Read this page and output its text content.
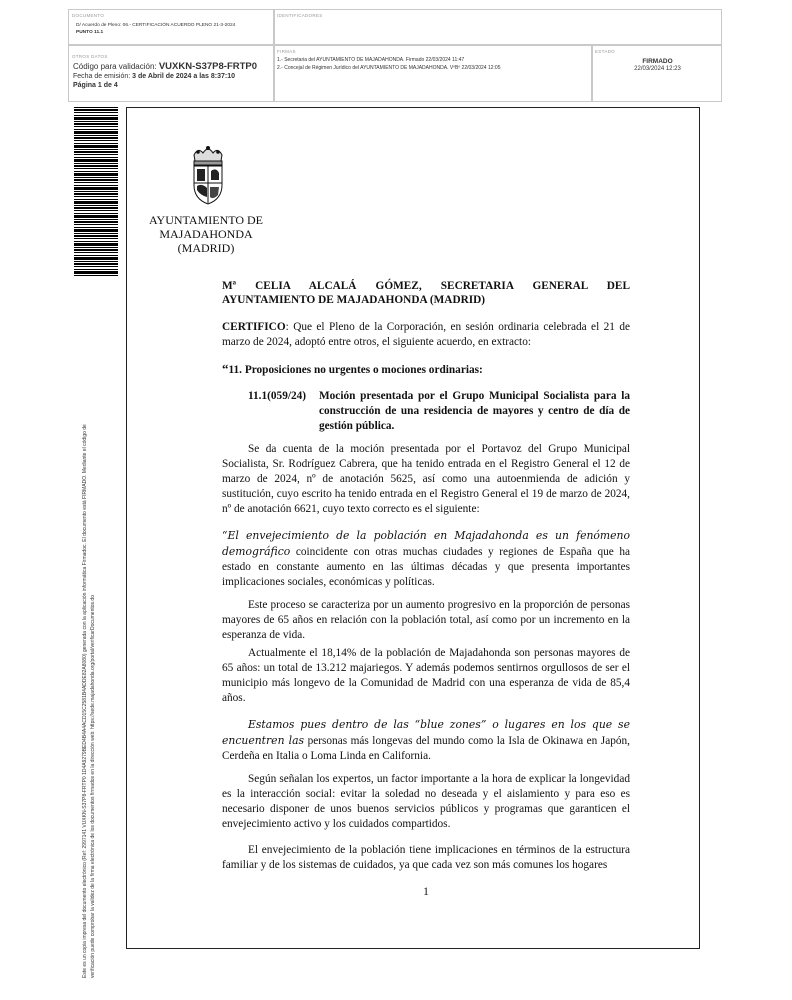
DOCUMENTO
D/ Acuerdo de Pleno: 06.- CERTIFICACIÓN ACUERDO PLENO 21-3-2024
PUNTO 11.1
IDENTIFICADORES
OTROS DATOS
Código para validación: VUXKN-S37P8-FRTP0
Fecha de emisión: 3 de Abril de 2024 a las 8:37:10
Página 1 de 4
FIRMAS
1.- Secretaria del AYUNTAMIENTO DE MAJADAHONDA. Firmado 22/03/2024 11:47
2.- Concejal de Régimen Jurídico del AYUNTAMIENTO DE MAJADAHONDA. VºBº 22/03/2024 12:05
ESTADO
FIRMADO
22/03/2024 12:23
Este es un copia impresa del documento electrónico (Ref: 2997141 VUXKN-S37P8-FRTP0 1D4A9279BED4B4A4ACD15C2581B4ADDE82A8080) generada con la aplicación informática Firmadoc. El documento está FIRMADO. Mediante el código de verificación puede comprobar la validez de la firma electrónica de los documentos firmados en la dirección web: https://sede.majadahonda.org/portal/verificarDocumentos.do
AYUNTAMIENTO DE
MAJADAHONDA
(MADRID)
Mª CELIA ALCALÁ GÓMEZ, SECRETARIA GENERAL DEL
AYUNTAMIENTO DE MAJADAHONDA (MADRID)
CERTIFICO: Que el Pleno de la Corporación, en sesión ordinaria celebrada el 21 de marzo de 2024, adoptó entre otros, el siguiente acuerdo, en extracto:
“11. Proposiciones no urgentes o mociones ordinarias:
11.1(059/24)	Moción presentada por el Grupo Municipal Socialista para la construcción de una residencia de mayores y centro de día de gestión pública.
Se da cuenta de la moción presentada por el Portavoz del Grupo Municipal Socialista, Sr. Rodríguez Cabrera, que ha tenido entrada en el Registro General el 12 de marzo de 2024, nº de anotación 5625, así como una autoenmienda de adición y sustitución, cuyo escrito ha tenido entrada en el Registro General el 19 de marzo de 2024, nº de anotación 6621, cuyo texto correcto es el siguiente:
“El envejecimiento de la población en Majadahonda es un fenómeno demográfico coincidente con otras muchas ciudades y regiones de España que ha estado en constante aumento en las últimas décadas y que presenta importantes implicaciones sociales, económicas y políticas.
Este proceso se caracteriza por un aumento progresivo en la proporción de personas mayores de 65 años en relación con la población total, así como por un incremento en la esperanza de vida.
Actualmente el 18,14% de la población de Majadahonda son personas mayores de 65 años: un total de 13.212 majariegos. Y además podemos sentirnos orgullosos de ser el municipio más longevo de la Comunidad de Madrid con una esperanza de vida de 85,4 años.
Estamos pues dentro de las “blue zones” o lugares en los que se encuentren las personas más longevas del mundo como la Isla de Okinawa en Japón, Cerdeña en Italia o Loma Linda en California.
Según señalan los expertos, un factor importante a la hora de explicar la longevidad es la interacción social: evitar la soledad no deseada y el aislamiento y para eso es necesario disponer de unos buenos servicios públicos y programas que garanticen el envejecimiento activo y los cuidados compartidos.
El envejecimiento de la población tiene implicaciones en términos de la estructura familiar y de los sistemas de cuidados, ya que cada vez son más comunes los hogares
1
